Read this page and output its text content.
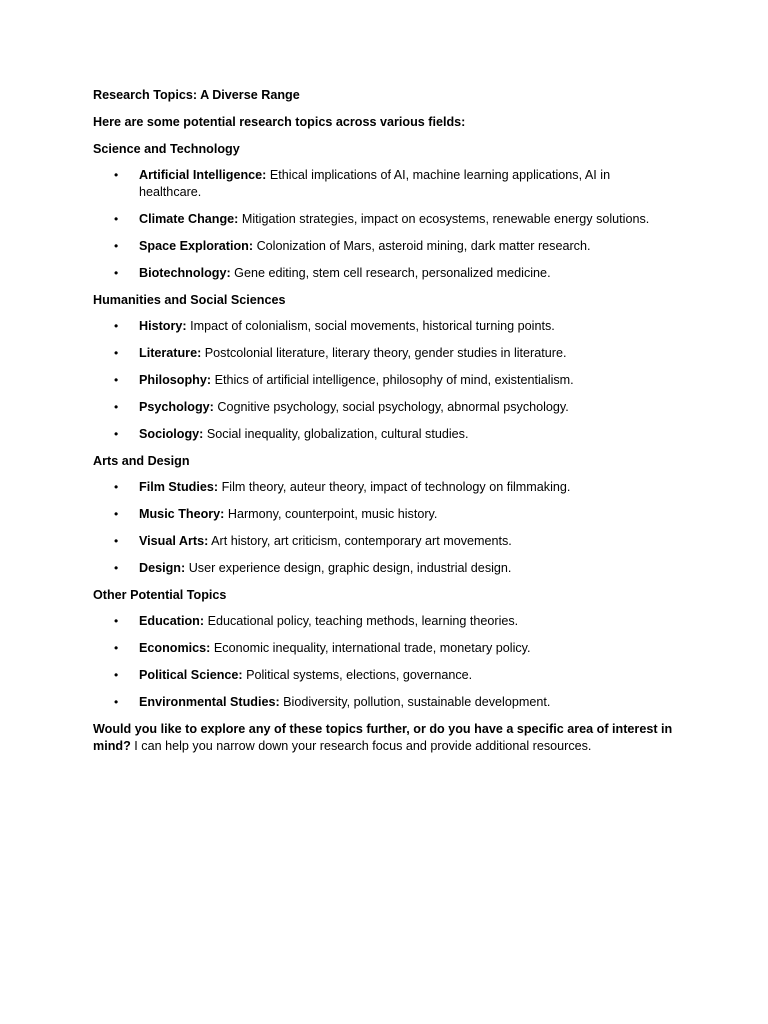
Research Topics: A Diverse Range

Here are some potential research topics across various fields:

Science and Technology

• Artificial Intelligence: Ethical implications of AI, machine learning applications, AI in healthcare.
• Climate Change: Mitigation strategies, impact on ecosystems, renewable energy solutions.
• Space Exploration: Colonization of Mars, asteroid mining, dark matter research.
• Biotechnology: Gene editing, stem cell research, personalized medicine.

Humanities and Social Sciences

• History: Impact of colonialism, social movements, historical turning points.
• Literature: Postcolonial literature, literary theory, gender studies in literature.
• Philosophy: Ethics of artificial intelligence, philosophy of mind, existentialism.
• Psychology: Cognitive psychology, social psychology, abnormal psychology.
• Sociology: Social inequality, globalization, cultural studies.

Arts and Design

• Film Studies: Film theory, auteur theory, impact of technology on filmmaking.
• Music Theory: Harmony, counterpoint, music history.
• Visual Arts: Art history, art criticism, contemporary art movements.
• Design: User experience design, graphic design, industrial design.

Other Potential Topics

• Education: Educational policy, teaching methods, learning theories.
• Economics: Economic inequality, international trade, monetary policy.
• Political Science: Political systems, elections, governance.
• Environmental Studies: Biodiversity, pollution, sustainable development.

Would you like to explore any of these topics further, or do you have a specific area of interest in mind? I can help you narrow down your research focus and provide additional resources.
